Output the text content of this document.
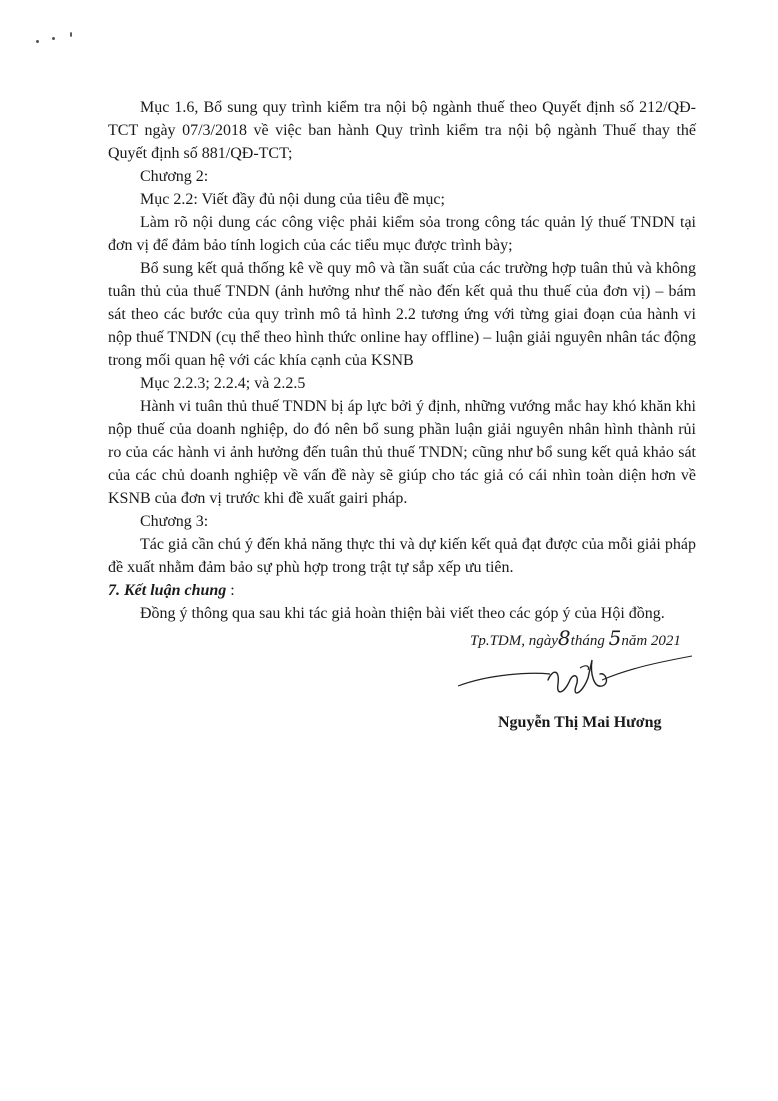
Mục 1.6, Bổ sung quy trình kiểm tra nội bộ ngành thuế theo Quyết định số 212/QĐ-TCT ngày 07/3/2018 về việc ban hành Quy trình kiểm tra nội bộ ngành Thuế thay thế Quyết định số 881/QĐ-TCT;

Chương 2:

Mục 2.2: Viết đầy đủ nội dung của tiêu đề mục;

Làm rõ nội dung các công việc phải kiểm sỏa trong công tác quản lý thuế TNDN tại đơn vị để đảm bảo tính logich của các tiểu mục được trình bày;

Bổ sung kết quả thống kê về quy mô và tần suất của các trường hợp tuân thủ và không tuân thủ của thuế TNDN (ảnh hưởng như thế nào đến kết quả thu thuế của đơn vị) – bám sát theo các bước của quy trình mô tả hình 2.2 tương ứng với từng giai đoạn của hành vi nộp thuế TNDN (cụ thể theo hình thức online hay offline) – luận giải nguyên nhân tác động trong mối quan hệ với các khía cạnh của KSNB

Mục 2.2.3; 2.2.4; và 2.2.5

Hành vi tuân thủ thuế TNDN bị áp lực bởi ý định, những vướng mắc hay khó khăn khi nộp thuế của doanh nghiệp, do đó nên bổ sung phần luận giải nguyên nhân hình thành rủi ro của các hành vi ảnh hưởng đến tuân thủ thuế TNDN; cũng như bổ sung kết quả khảo sát của các chủ doanh nghiệp về vấn đề này sẽ giúp cho tác giả có cái nhìn toàn diện hơn về KSNB của đơn vị trước khi đề xuất gairi pháp.

Chương 3:

Tác giả cần chú ý đến khả năng thực thi và dự kiến kết quả đạt được của mỗi giải pháp đề xuất nhằm đảm bảo sự phù hợp trong trật tự sắp xếp ưu tiên.

7. Kết luận chung :

Đồng ý thông qua sau khi tác giả hoàn thiện bài viết theo các góp ý của Hội đồng.

Tp.TDM, ngày8tháng 5năm 2021
Nguyễn Thị Mai Hương
